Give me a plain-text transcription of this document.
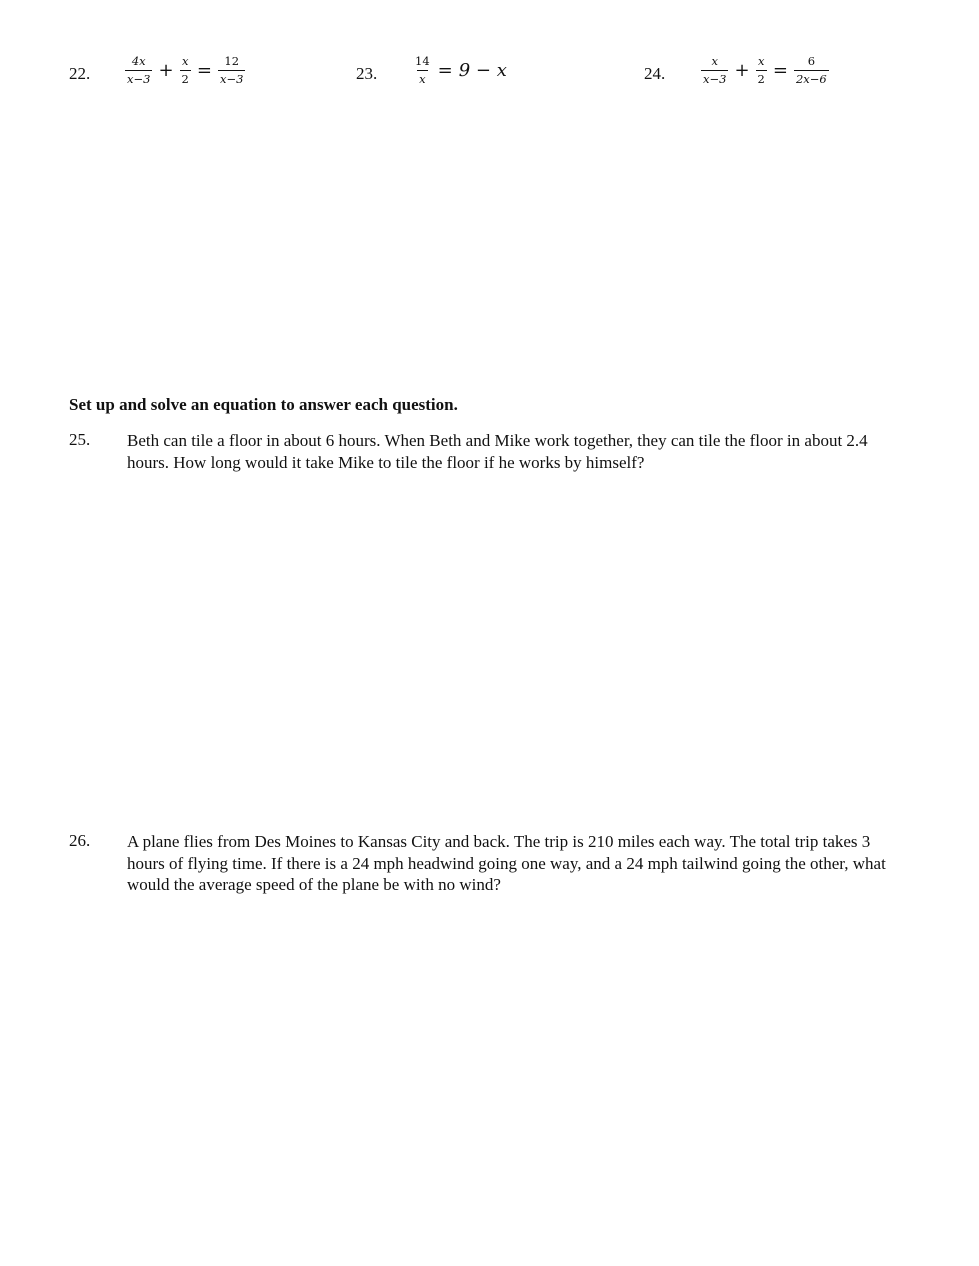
22.	$\frac{4x}{x-3} + \frac{x}{2} = \frac{12}{x-3}$	23.	$\frac{14}{x} = 9 - x$	24.	$\frac{x}{x-3} + \frac{x}{2} = \frac{6}{2x-6}$
Set up and solve an equation to answer each question.
25. Beth can tile a floor in about 6 hours. When Beth and Mike work together, they can tile the floor in about 2.4 hours. How long would it take Mike to tile the floor if he works by himself?
26. A plane flies from Des Moines to Kansas City and back. The trip is 210 miles each way. The total trip takes 3 hours of flying time. If there is a 24 mph headwind going one way, and a 24 mph tailwind going the other, what would the average speed of the plane be with no wind?
